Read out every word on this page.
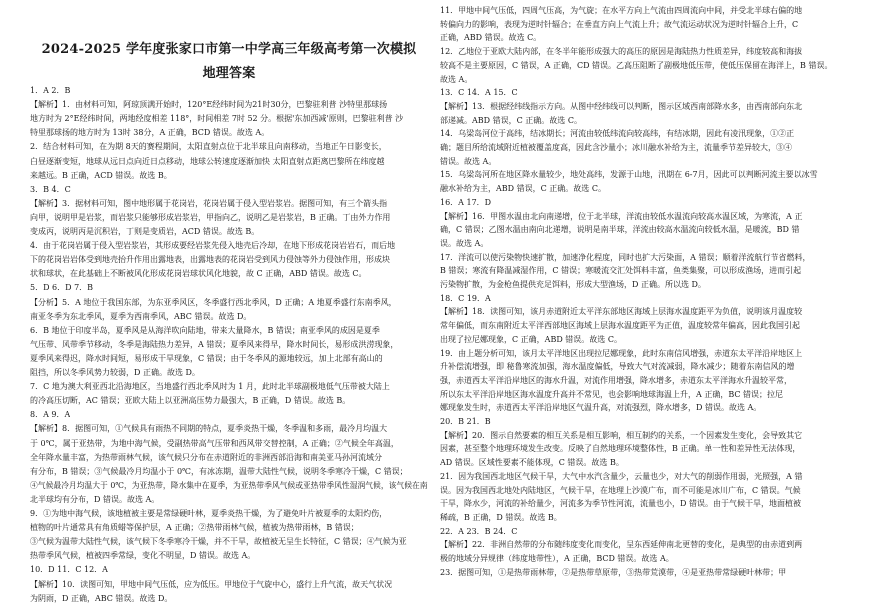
2024-2025 学年度张家口市第一中学高三年级高考第一次模拟
地理答案
1．A 2．B
【解析】1．由材料可知，阿琼顶满开始时，120°E经纬时间为21时30分，巴黎驻利普 沙特里那球扬
地方时为 2°E经纬时间，两地经度相差 118°，时间相差 7时 52 分。根据'东加西减'原则，巴黎驻利普 沙
特里那球扬的地方时为 13时 38分，A 正确，BCD 错误。故选 A。
2．结合材料可知，在为期 8天的赛程期间，太阳直射点位于北半球且向南移动，当地正午日影变长，
白昼逐渐变短，地球从远日点向近日点移动，地球公转速度逐渐加快 太阳直射点距离巴黎所在纬度越
来越远。B 正确，ACD 错误。故选 B。
3．B 4．C
【解析】3．据材料可知，图中地形属于花岗岩，花岗岩属于侵入型岩浆岩。据图可知，有三个箭头指
向甲，说明甲是岩浆，而岩浆只能够形成岩浆岩，甲指向乙，说明乙是岩浆岩，B 正确。丁由外力作用
变成丙，说明丙是沉积岩，丁则是变质岩，ACD 错误。故选 B。
4．由于花岗岩属于侵入型岩浆岩，其形成要经岩浆先侵入地壳后冷却，在地下形成花岗岩岩石，而后地
下的花岗岩岩体受到地壳抬升作用出露地表，出露地表的花岗岩受到风力侵蚀等外力侵蚀作用，形成块
状和球状，在此基础上不断被风化形成花岗岩球状风化地貌，故 C 正确，ABD 错误。故选 C。
5．D 6．D 7．B
【分析】5．A 地位于我国东部，为东亚季风区，冬季盛行西北季风，D 正确；A 地夏季盛行东南季风，
南亚冬季为东北季风，夏季为西南季风，ABC 错误。故选 D。
6．B 地位于印度半岛，夏季风是从海洋吹向陆地，带来大量降水，B 错误；南亚季风的成因是夏季
气压带、风带季节移动，冬季是海陆热力差异，A 错误；夏季风来得早，降水时间长，易形成洪涝现象，
夏季风来得迟，降水时间短，易形成干旱现象，C 错误；由于冬季风的源地较远，加上北部有高山的
阻挡，所以冬季风势力较弱，D 正确。故选 D。
7．C 地为澳大利亚西北沿海地区，当地盛行西北季风时为 1 月，此时北半球副极地低气压带被大陆上
的冷高压切断，AC 错误；亚欧大陆上以亚洲高压势力最强大，B 正确，D 错误。故选 B。
8．A 9．A
【解析】8．据图可知，①气候具有雨热不同期的特点，夏季炎热干燥，冬季温和多雨，最冷月均温大
于 0℃，属于亚热带，为地中海气候，受副热带高气压带和西风带交替控制，A 正确；②气候全年高温，
全年降水量丰富，为热带雨林气候，该气候只分布在赤道附近的非洲西部沿海和南美亚马孙河流域分
有分布，B 错误；③气候最冷月均温小于 0℃，有冰冻期，温带大陆性气候，说明冬季寒冷干燥，C 错误；
④气候最冷月均温大于 0℃，为亚热带，降水集中在夏季，为亚热带季风气候或亚热带季风性湿润气候，该气候在南
北半球均有分布，D 错误。故选 A。
9．①为地中海气候，该地植被主要是常绿硬叶林，夏季炎热干燥，为了避免叶片被夏季的太阳灼伤，
植物的叶片通常具有角质蜡等保护层，A 正确；②热带雨林气候，植被为热带雨林，B 错误；
③气候为温带大陆性气候，该气候下冬季寒冷干燥，并不干旱，故植被无呈生长特征，C 错误；④气候为亚
热带季风气候，植被四季常绿，变化不明显，D 错误。故选 A。
10．D 11．C 12．A
【解析】10．读图可知，甲地中间气压低，应为低压。甲地位于气旋中心，盛行上升气流，故天气状况
为阴雨，D 正确，ABC 错误。故选 D。
11．甲地中间气压低，四周气压高，为气旋；在水平方向上气流由四周流向中间，并受北半球右偏的地
转偏向力的影响，表现为逆时针辐合；在垂直方向上气流上升；故气流运动状况为逆时针辐合上升，C
正确，ABD 错误。故选 C。
12．乙地位于亚欧大陆内部，在冬半年能形成强大的高压的原因是海陆热力性质差异，纬度较高和海拔
较高不是主要原因，C 错误，A 正确，CD 错误。乙高压阻断了副极地低压带，使低压保留在海洋上，B 错误。
故选 A。
13．C 14．A 15．C
【解析】13．根据经纬线指示方向。从图中经纬线可以判断，图示区域西南部降水多，由西南部向东北
部递减。ABD 错误，C 正确。故选 C。
14．乌梁岛河位于高纬，结冰期长；河流由较低纬流向较高纬，有结冰期，因此有凌汛现象，①②正
确；题目所给流域附近植被覆盖度高，因此含沙量小；冰川融水补给为主，流量季节差异较大，③④
错误。故选 A。
15．乌梁岛河所在地区降水量较少，地处高纬，发源于山地，汛期在 6-7月，因此可以判断河流主要以冰雪
融水补给为主，ABD 错误，C 正确。故选 C。
16．A 17．D
【解析】16．甲图水温由北向南递增，位于北半球，洋流由较低水温流向较高水温区域，为寒流，A 正
确，C 错误；乙图水温由南向北递增，说明是南半球，洋流由较高水温流向较低水温，是暖流，BD 错
误。故选 A。
17．洋流可以使污染物快速扩散，加速净化程度，同时也扩大污染面，A 错误；顺着洋流航行节省燃料，
B 错误；寒流有降温减湿作用，C 错误；寒暖流交汇处饵料丰富，鱼类集聚，可以形成渔场，进而引起
污染物扩散，为金枪鱼提供充足饵料，形成大型渔场，D 正确。所以选 D。
18．C 19．A
【解析】18．读图可知，该月赤道附近太平洋东部地区海域上层海水温度距平为负值，说明该月温度较
常年偏低，而东南附近太平洋西部地区海域上层海水温度距平为正值，温度较常年偏高，因此我国引起
出现了拉尼娜现象，C 正确，ABD 错误。故选 C。
19．由上题分析可知，该月太平洋地区出现拉尼娜现象，此时东南信风增强，赤道东太平洋沿岸地区上
升补偿流增强，即 秘鲁寒流加强，海水温度偏低，导致大气对流减弱，降水减少；随着东南信风的增
强，赤道西太平洋沿岸地区的海水升温，对流作用增强，降水增多，赤道东太平洋海水升温较平常，
所以东太平洋沿岸地区海水温度升高并不常见，也会影响地球海温上升，A 正确，BC 错误；拉尼
娜现象发生时，赤道西太平洋沿岸地区气温升高，对流强烈，降水增多，D 错误。故选 A。
20．B 21．B
【解析】20．图示自然要素的相互关系是相互影响，相互制约的关系，一个因素发生变化，会导致其它
因素，甚至整个地理环境发生改变。反映了自然地理环境整体性，B 正确。单一性和差异性无法体现，
AD 错误。区域性要素不能体现，C 错误。故选 B。
21．因为我国西北地区气候干旱，大气中水汽含量少，云量也少，对大气的削弱作用弱，光照强，A 错
误。因为我国西北地处内陆地区，气候干旱，在地理上沙漠广布，而不可能是冰川广布，C 错误。气候
干旱，降水少，河流的补给量少，河流多为季节性河流，流量也小，D 错误。由于气候干旱，地面植被
稀疏，B 正确，D 错误。故选 B。
22．A 23．B 24．C
【解析】22．非洲自然带的分布随纬度变化而变化，呈东西延伸南北更替的变化，是典型的由赤道到两
极的地域分异规律（纬度地带性），A 正确，BCD 错误。故选 A。
23．据图可知，①是热带雨林带，②是热带草原带，③热带荒漠带，④是亚热带常绿硬叶林带；甲
